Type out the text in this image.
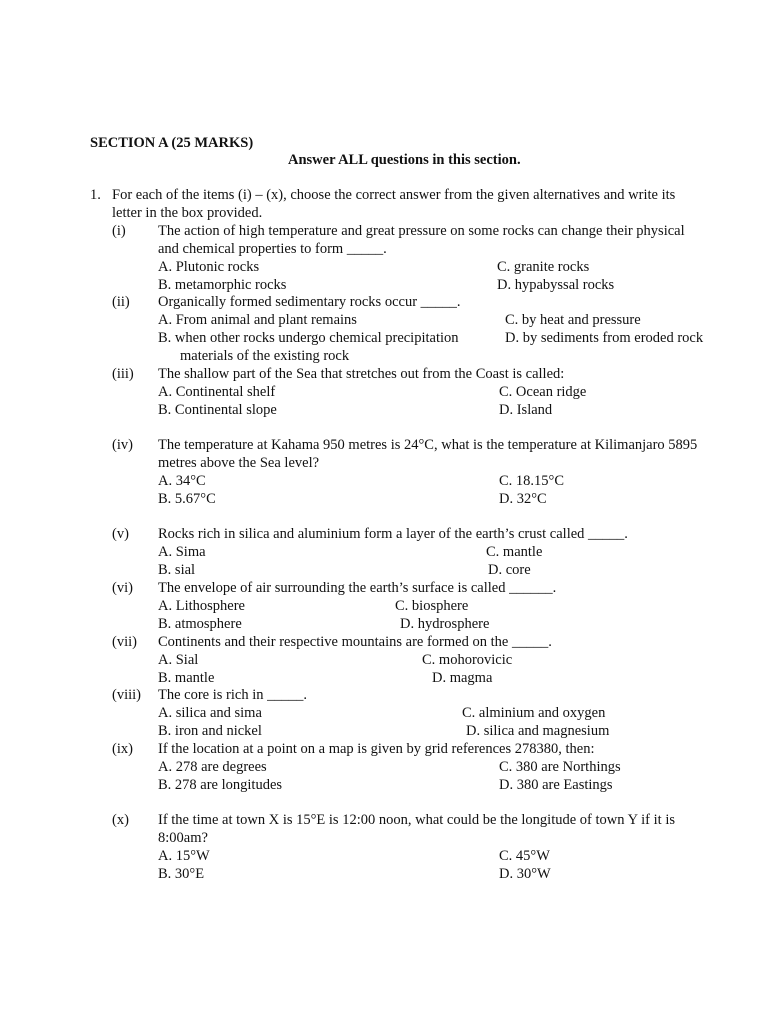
SECTION A (25 MARKS)
Answer ALL questions in this section.
1. For each of the items (i) – (x), choose the correct answer from the given alternatives and write its
letter in the box provided.
(i) The action of high temperature and great pressure on some rocks can change their physical
and chemical properties to form _____.
A. Plutonic rocks
B. metamorphic rocks
C. granite rocks
D. hypabyssal rocks
(ii) Organically formed sedimentary rocks occur _____.
A. From animal and plant remains
B. when other rocks undergo chemical precipitation
materials of the existing rock
C. by heat and pressure
D. by sediments from eroded rock
(iii) The shallow part of the Sea that stretches out from the Coast is called:
A. Continental shelf
B. Continental slope
C. Ocean ridge
D. Island
(iv) The temperature at Kahama 950 metres is 24°C, what is the temperature at Kilimanjaro 5895
metres above the Sea level?
A. 34°C
B. 5.67°C
C. 18.15°C
D. 32°C
(v) Rocks rich in silica and aluminium form a layer of the earth’s crust called _____.
A. Sima
B. sial
C. mantle
D. core
(vi) The envelope of air surrounding the earth’s surface is called ______.
A. Lithosphere
B. atmosphere
C. biosphere
D. hydrosphere
(vii) Continents and their respective mountains are formed on the _____.
A. Sial
B. mantle
C. mohorovicic
D. magma
(viii) The core is rich in _____.
A. silica and sima
B. iron and nickel
C. alminium and oxygen
D. silica and magnesium
(ix) If the location at a point on a map is given by grid references 278380, then:
A. 278 are degrees
B. 278 are longitudes
C. 380 are Northings
D. 380 are Eastings
(x) If the time at town X is 15°E is 12:00 noon, what could be the longitude of town Y if it is
8:00am?
A. 15°W
B. 30°E
C. 45°W
D. 30°W
